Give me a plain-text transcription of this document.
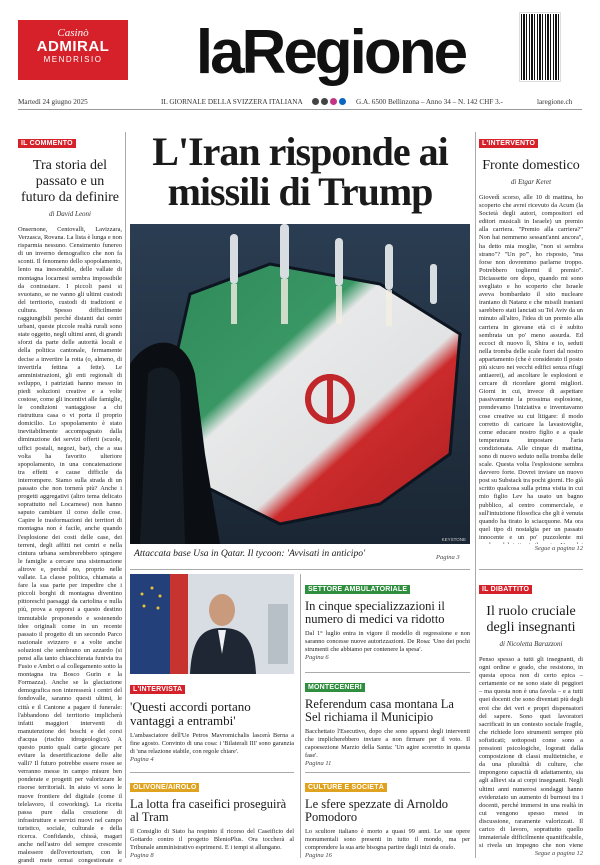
Casinò
ADMIRAL
MENDRISIO	laRegione
Martedì 24 giugno 2025	IL GIORNALE DELLA SVIZZERA ITALIANA	G.A. 6500 Bellinzona – Anno 34 – N. 142 CHF 3.-	laregione.ch
IL COMMENTO
Tra storia del passato e un futuro da definire
di David Leoni
Onsernone, Centovalli, Lavizzara, Verzasca, Rovana. La lista è lunga e non risparmia nessuno. Censimento funereo di un inverno demografico che non fa sconti. Il fenomeno dello spopolamento, lento ma inesorabile, delle vallate di montagna locarnesi sembra impossibile da contrastare. I piccoli paesi si svuotano, se ne vanno gli ultimi custodi del territorio, custodi di tradizioni e cultura. Spesso difficilmente raggiungibili perché distanti dai centri urbani, queste piccole realtà rurali sono state oggetto, negli ultimi anni, di grandi sforzi da parte delle autorità locali e della politica cantonale, fermamente decise a invertire la rotta (o, almeno, di invertirla fettina a fette). Le amministrazioni, gli enti regionali di sviluppo, i patriziati hanno messo in piedi soluzioni creative e a volte costose, come gli incentivi alle famiglie, le condizioni vantaggiose a chi ristruttura casa o vi porta il proprio domicilio. Lo spopolamento è stato inevitabilmente accompagnato dalla diminuzione dei servizi offerti (scuole, uffici postali, negozi, bar), che a sua volta ha favorito ulteriore spopolamento, in una concatenazione tra effetti e cause difficile da interrompere. Siamo sulla strada di un passato che non tornerà più? Anche i progetti aggregativi (altro tema delicato soprattutto nel Locarnese) non hanno saputo cambiare il corso delle cose. Capire le trasformazioni dei territori di montagna non è facile, anche quando l'esplosione dei costi delle case, dei terreni, degli affitti nei centri e nella cintura urbana sembrerebbero spingere le famiglie a cercare una sistemazione altrove e, perché no, proprio nelle vallate. La classe politica, chiamata a fare la sua parte per impedire che i piccoli borghi di montagna diventino pittoreschi paesaggi da cartolina e nulla più, prova a opporsi a questo destino immutabile proponendo e sostenendo idee originali come in un recente passato il progetto di un secondo Parco nazionale svizzero e a volte anche soluzioni che sembrano un azzardo (si pensi alla tanto chiacchierata funivia tra Fusio e Ambri o al collegamento sotto la montagna tra Bosco Gurin e la Formazza). Anche se la glaciazione demografica non interesserà i centri del fondovalle, saranno questi ultimi, le città e il Cantone a pagare il funerale: l'abbandono del territorio implicherà infatti maggiori interventi di manutenzione dei boschi e dei corsi d'acqua (rischio idrogeologico). A questo punto quali carte giocare per evitare la desertificazione delle alte valli? Il futuro potrebbe essere rosee se verranno messe in campo misure ben ponderate e progetti per valorizzare le risorse territoriali. In aiuto vi sono le nuove frontiere del digitale (come il telelavoro, il coworking). La ricetta passa pure dalla creazione di infrastrutture e servizi nuovi nel campo turistico, sociale, culturale e della ricerca. Confidando, chissà, magari anche nell'astro del sempre crescente malessere dell'overtourism, con le grandi mete ormai congestionate e
L'Iran risponde ai missili di Trump
KEYSTONE
Attaccata base Usa in Qatar. Il tycoon: 'Avvisati in anticipo'	Pagina 3
L'INTERVENTO
Fronte domestico
di Etgar Keret
Giovedì scorso, alle 10 di mattina, ho scoperto che avrei ricevuto da Acum (la Società degli autori, compositori ed editori musicali in Israele) un premio alla carriera. "Premio alla carriera?" Non hai nemmeno sessant'anni ancora", ha detto mia moglie, "non si sembra strano"? "Un po'", ho risposto, "ma forse non dovremmo parlarne troppo. Potrebbero togliermi il premio". Diciassette ore dopo, quando mi sono svegliato e ho scoperto che Israele aveva bombardato il sito nucleare iraniano di Natanz e che missili iraniani sarebbero stati lanciati su Tel Aviv da un minuto all'altro, l'idea di un premio alla carriera in giovane età ci è subito sembrata un po' meno assurda. Ed eccoci di nuovo lì, Shira e io, seduti nella tromba delle scale fuori dal nostro appartamento (che è considerato il posto più sicuro nei vecchi edifici senza rifugi antiaerei), ad ascoltare le esplosioni e cercare di ricordare giorni migliori. Giorni in cui, invece di aspettare passivamente la prossima esplosione, prendevamo l'iniziativa e inventavamo cose creative su cui litigare: il modo corretto di caricare la lavastoviglie, come educare nostro figlio e a quale temperatura impostare l'aria condizionata. Alle cinque di mattina, sono di nuovo seduto nella tromba delle scale. Questa volta l'esplosione sembra davvero forte. Dovrei inviare un nuovo post su Substack tra pochi giorni. Ho già scritto qualcosa sulla prima visita in cui mio figlio Lev ha usato un bagno pubblico, al centro commerciale, e sull'intuizione filosofica che gli è venuta quando ha tirato lo sciacquone. Ma ora quel tipo di nostalgia per un passato innocente e un po' puzzolente mi
Segue a pagina 12
L'INTERVISTA
'Questi accordi portano vantaggi a entrambi'
L'ambasciatore dell'Ue Petros Mavromichalis lascerà Berna a fine agosto. Convinto di una cosa: i 'Bilaterali III' sono garanzia di 'una relazione stabile, con regole chiare'.
Pagina 4
OLIVONE/AIROLO
La lotta fra caseifici proseguirà al Tram
Il Consiglio di Stato ha respinto il ricorso del Caseificio del Gottardo contro il progetto BlenioPlus. Ora toccherà al Tribunale amministrativo esprimersi. E i tempi si allungano.
Pagina 8
SETTORE AMBULATORIALE
In cinque specializzazioni il numero di medici va ridotto
Dal 1° luglio entra in vigore il modello di regressione e non saranno concesse nuove autorizzazioni. De Rosa: 'Uno dei pochi strumenti che abbiamo per contenere la spesa'.
Pagina 6
MONTECENERI
Referendum casa montana La Sel richiama il Municipio
Bacchettato l'Esecutivo, dopo che sono apparsi degli interventi che implicherebbero inviare a non firmare per il voto. Il capoesezione Marzio della Santa: 'Un agire scorretto in questa fase'.
Pagina 11
CULTURE E SOCIETÀ
Le sfere spezzate di Arnoldo Pomodoro
Lo scultore italiano è morto a quasi 99 anni. Le sue opere monumentali sono presenti in tutto il mondo, ma per comprendere la sua arte bisogna partire dagli inizi da orafo.
Pagina 16
IL DIBATTITO
Il ruolo cruciale degli insegnanti
di Nicoletta Barazzoni
Penso spesso a tutti gli insegnanti, di ogni ordine e grado, che resistono, in questa epoca non di certo epica – certamente ce ne sono state di peggiori – ma questa non è una favola – e a tutti quei docenti che sono diventati più degli eroi che dei veri e propri dispensatori del sapere. Sono quei lavoratori sacrificati in un contesto sociale fragile, che richiede loro strumenti sempre più sofisticati; sottoposti come sono a pressioni psicologiche, logorati dalla composizione di classi multietniche, e da una pluralità di culture, che impongono capacità di adattamento, sia agli allievi sia ai corpi insegnanti. Negli ultimi anni numerosi sondaggi hanno evidenziato un aumento di burnout tra i docenti, perché immersi in una realtà in cui vengono spesso messi in discussione, raramente valorizzati. Il carico di lavoro, soprattutto quello immateriale difficilmente quantificabile, si rivela un impegno che non viene
Segue a pagina 12
